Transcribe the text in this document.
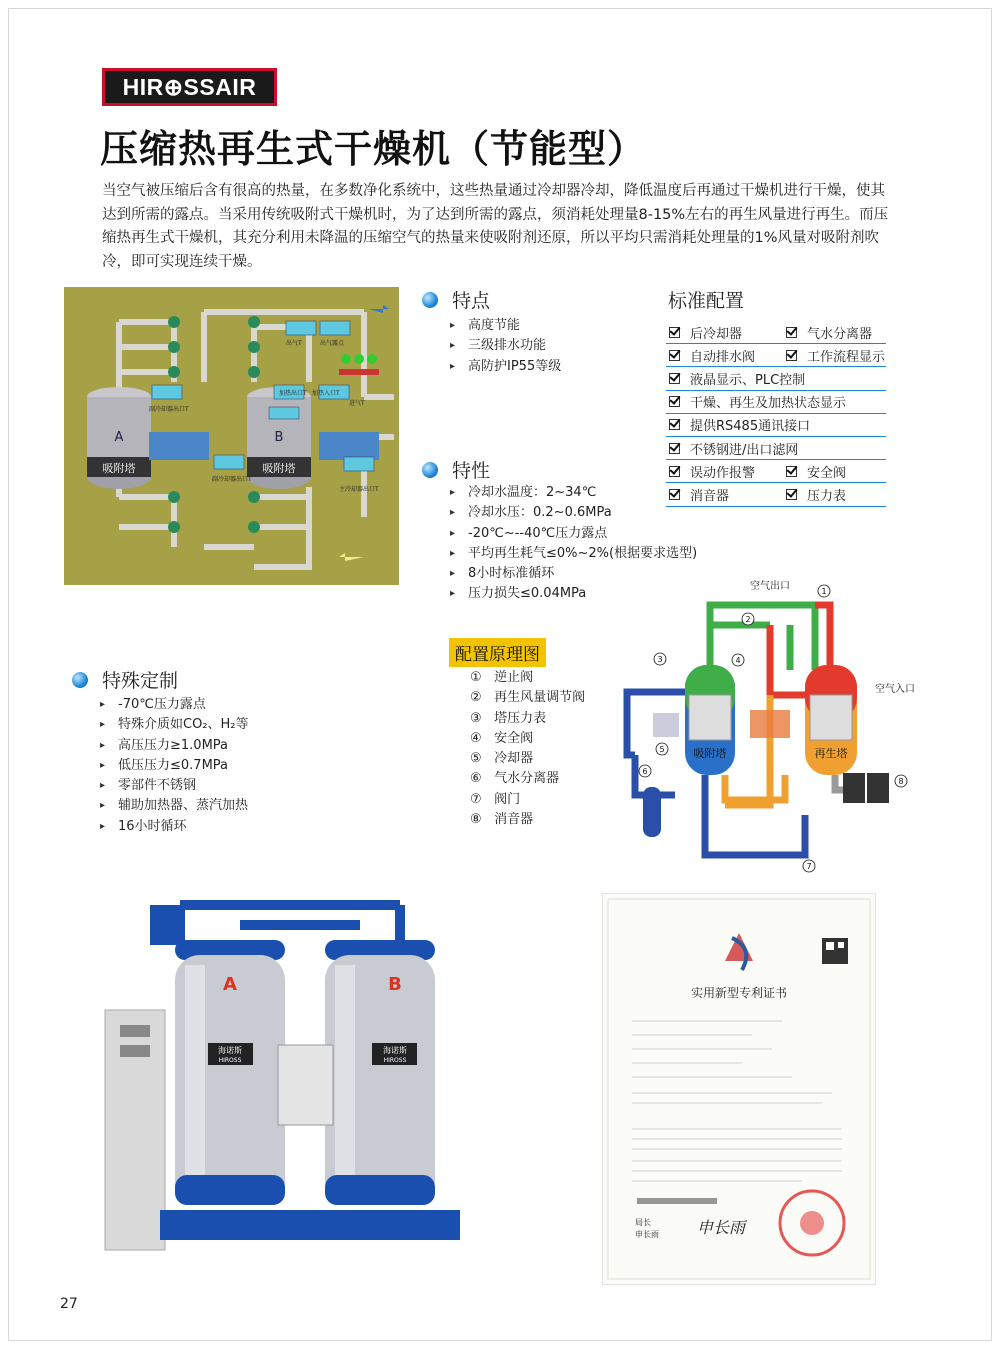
HIR⊕SSAIR
压缩热再生式干燥机（节能型）
当空气被压缩后含有很高的热量，在多数净化系统中，这些热量通过冷却器冷却，降低温度后再通过干燥机进行干燥，使其达到所需的露点。当采用传统吸附式干燥机时，为了达到所需的露点，须消耗处理量8-15%左右的再生风量进行再生。而压缩热再生式干燥机，其充分利用未降温的压缩空气的热量来使吸附剂还原，所以平均只需消耗处理量的1%风量对吸附剂吹冷，即可实现连续干燥。
A
吸附塔
B
吸附塔
出气T	出气露点
加热出口T 加热入口T
进气T
副冷却器出口T
副冷却器出口T
主冷却器出口T
特点
▸ 高度节能
▸ 三级排水功能
▸ 高防护IP55等级
特性
▸ 冷却水温度：2~34℃
▸ 冷却水压：0.2~0.6MPa
▸ -20℃~--40℃压力露点
▸ 平均再生耗气≤0%~2%(根据要求选型)
▸ 8小时标准循环
▸ 压力损失≤0.04MPa
标准配置
后冷却器	气水分离器
自动排水阀	工作流程显示
液晶显示、PLC控制
干燥、再生及加热状态显示
提供RS485通讯接口
不锈钢进/出口滤网
误动作报警	安全阀
消音器	压力表
配置原理图
① 逆止阀
② 再生风量调节阀
③ 塔压力表
④ 安全阀
⑤ 冷却器
⑥ 气水分离器
⑦ 阀门
⑧ 消音器
吸附塔	再生塔
空气出口
空气入口
1
2
3	4
5
6
7
8
特殊定制
▸ -70℃压力露点
▸ 特殊介质如CO₂、H₂等
▸ 高压压力≥1.0MPa
▸ 低压压力≤0.7MPa
▸ 零部件不锈钢
▸ 辅助加热器、蒸汽加热
▸ 16小时循环
A	B
海诺斯
HIROSS
海诺斯
HIROSS
实用新型专利证书
局长
申长雨 申长雨
27
